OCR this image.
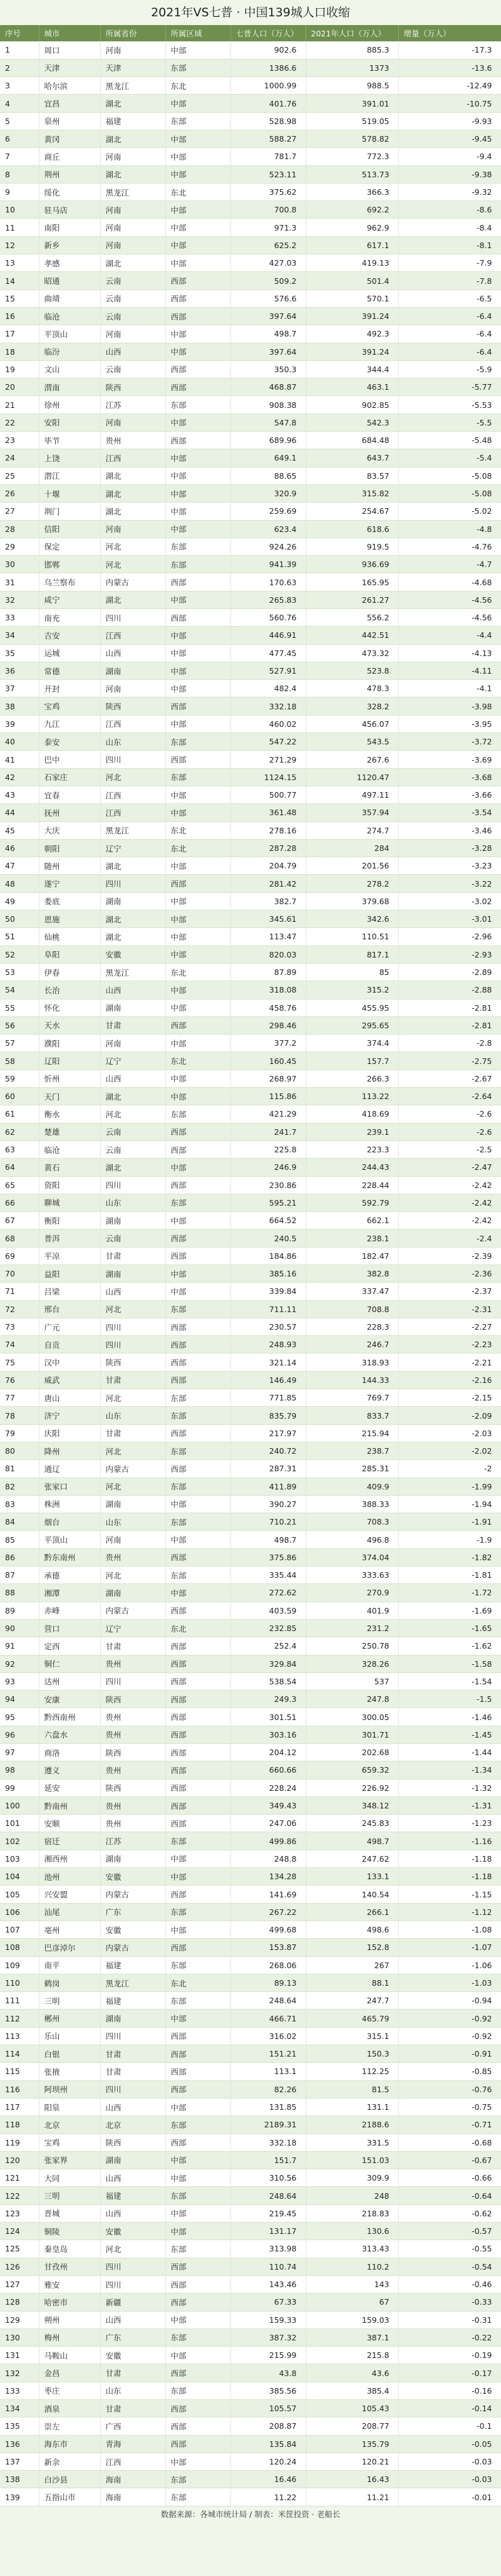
2021年VS七普 · 中国139城人口收缩
序号	城市	所属省份	所属区域	七普人口（万人）	2021年人口（万人）	增量（万人）
1	周口	河南	中部	902.6	885.3	-17.3
2	天津	天津	东部	1386.6	1373	-13.6
3	哈尔滨	黑龙江	东北	1000.99	988.5	-12.49
4	宜昌	湖北	中部	401.76	391.01	-10.75
5	泉州	福建	东部	528.98	519.05	-9.93
6	黄冈	湖北	中部	588.27	578.82	-9.45
7	商丘	河南	中部	781.7	772.3	-9.4
8	荆州	湖北	中部	523.11	513.73	-9.38
9	绥化	黑龙江	东北	375.62	366.3	-9.32
10	驻马店	河南	中部	700.8	692.2	-8.6
11	南阳	河南	中部	971.3	962.9	-8.4
12	新乡	河南	中部	625.2	617.1	-8.1
13	孝感	湖北	中部	427.03	419.13	-7.9
14	昭通	云南	西部	509.2	501.4	-7.8
15	曲靖	云南	西部	576.6	570.1	-6.5
16	临沧	云南	西部	397.64	391.24	-6.4
17	平顶山	河南	中部	498.7	492.3	-6.4
18	临汾	山西	中部	397.64	391.24	-6.4
19	文山	云南	西部	350.3	344.4	-5.9
20	渭南	陕西	西部	468.87	463.1	-5.77
21	徐州	江苏	东部	908.38	902.85	-5.53
22	安阳	河南	中部	547.8	542.3	-5.5
23	毕节	贵州	西部	689.96	684.48	-5.48
24	上饶	江西	中部	649.1	643.7	-5.4
25	潜江	湖北	中部	88.65	83.57	-5.08
26	十堰	湖北	中部	320.9	315.82	-5.08
27	荆门	湖北	中部	259.69	254.67	-5.02
28	信阳	河南	中部	623.4	618.6	-4.8
29	保定	河北	东部	924.26	919.5	-4.76
30	邯郸	河北	东部	941.39	936.69	-4.7
31	乌兰察布	内蒙古	西部	170.63	165.95	-4.68
32	咸宁	湖北	中部	265.83	261.27	-4.56
33	南充	四川	西部	560.76	556.2	-4.56
34	吉安	江西	中部	446.91	442.51	-4.4
35	运城	山西	中部	477.45	473.32	-4.13
36	常德	湖南	中部	527.91	523.8	-4.11
37	开封	河南	中部	482.4	478.3	-4.1
38	宝鸡	陕西	西部	332.18	328.2	-3.98
39	九江	江西	中部	460.02	456.07	-3.95
40	泰安	山东	东部	547.22	543.5	-3.72
41	巴中	四川	西部	271.29	267.6	-3.69
42	石家庄	河北	东部	1124.15	1120.47	-3.68
43	宜春	江西	中部	500.77	497.11	-3.66
44	抚州	江西	中部	361.48	357.94	-3.54
45	大庆	黑龙江	东北	278.16	274.7	-3.46
46	朝阳	辽宁	东北	287.28	284	-3.28
47	随州	湖北	中部	204.79	201.56	-3.23
48	遂宁	四川	西部	281.42	278.2	-3.22
49	娄底	湖南	中部	382.7	379.68	-3.02
50	恩施	湖北	中部	345.61	342.6	-3.01
51	仙桃	湖北	中部	113.47	110.51	-2.96
52	阜阳	安徽	中部	820.03	817.1	-2.93
53	伊春	黑龙江	东北	87.89	85	-2.89
54	长治	山西	中部	318.08	315.2	-2.88
55	怀化	湖南	中部	458.76	455.95	-2.81
56	天水	甘肃	西部	298.46	295.65	-2.81
57	濮阳	河南	中部	377.2	374.4	-2.8
58	辽阳	辽宁	东北	160.45	157.7	-2.75
59	忻州	山西	中部	268.97	266.3	-2.67
60	天门	湖北	中部	115.86	113.22	-2.64
61	衡水	河北	东部	421.29	418.69	-2.6
62	楚雄	云南	西部	241.7	239.1	-2.6
63	临沧	云南	西部	225.8	223.3	-2.5
64	黄石	湖北	中部	246.9	244.43	-2.47
65	资阳	四川	西部	230.86	228.44	-2.42
66	聊城	山东	东部	595.21	592.79	-2.42
67	衡阳	湖南	中部	664.52	662.1	-2.42
68	普洱	云南	西部	240.5	238.1	-2.4
69	平凉	甘肃	西部	184.86	182.47	-2.39
70	益阳	湖南	中部	385.16	382.8	-2.36
71	吕梁	山西	中部	339.84	337.47	-2.37
72	邢台	河北	东部	711.11	708.8	-2.31
73	广元	四川	西部	230.57	228.3	-2.27
74	自贡	四川	西部	248.93	246.7	-2.23
75	汉中	陕西	西部	321.14	318.93	-2.21
76	威武	甘肃	西部	146.49	144.33	-2.16
77	唐山	河北	东部	771.85	769.7	-2.15
78	济宁	山东	东部	835.79	833.7	-2.09
79	庆阳	甘肃	西部	217.97	215.94	-2.03
80	降州	河北	东部	240.72	238.7	-2.02
81	通辽	内蒙古	西部	287.31	285.31	-2
82	张家口	河北	东部	411.89	409.9	-1.99
83	株洲	湖南	中部	390.27	388.33	-1.94
84	烟台	山东	东部	710.21	708.3	-1.91
85	平顶山	河南	中部	498.7	496.8	-1.9
86	黔东南州	贵州	西部	375.86	374.04	-1.82
87	承德	河北	东部	335.44	333.63	-1.81
88	湘潭	湖南	中部	272.62	270.9	-1.72
89	赤峰	内蒙古	西部	403.59	401.9	-1.69
90	营口	辽宁	东北	232.85	231.2	-1.65
91	定西	甘肃	西部	252.4	250.78	-1.62
92	铜仁	贵州	西部	329.84	328.26	-1.58
93	达州	四川	西部	538.54	537	-1.54
94	安康	陕西	西部	249.3	247.8	-1.5
95	黔西南州	贵州	西部	301.51	300.05	-1.46
96	六盘水	贵州	西部	303.16	301.71	-1.45
97	商洛	陕西	西部	204.12	202.68	-1.44
98	遵义	贵州	西部	660.66	659.32	-1.34
99	延安	陕西	西部	228.24	226.92	-1.32
100	黔南州	贵州	西部	349.43	348.12	-1.31
101	安顺	贵州	西部	247.06	245.83	-1.23
102	宿迁	江苏	东部	499.86	498.7	-1.16
103	湘西州	湖南	中部	248.8	247.62	-1.18
104	池州	安徽	中部	134.28	133.1	-1.18
105	兴安盟	内蒙古	西部	141.69	140.54	-1.15
106	汕尾	广东	东部	267.22	266.1	-1.12
107	亳州	安徽	中部	499.68	498.6	-1.08
108	巴彦淖尔	内蒙古	西部	153.87	152.8	-1.07
109	南平	福建	东部	268.06	267	-1.06
110	鹤岗	黑龙江	东北	89.13	88.1	-1.03
111	三明	福建	东部	248.64	247.7	-0.94
112	郴州	湖南	中部	466.71	465.79	-0.92
113	乐山	四川	西部	316.02	315.1	-0.92
114	白银	甘肃	西部	151.21	150.3	-0.91
115	张掖	甘肃	西部	113.1	112.25	-0.85
116	阿坝州	四川	西部	82.26	81.5	-0.76
117	阳泉	山西	中部	131.85	131.1	-0.75
118	北京	北京	东部	2189.31	2188.6	-0.71
119	宝鸡	陕西	西部	332.18	331.5	-0.68
120	张家界	湖南	中部	151.7	151.03	-0.67
121	大同	山西	中部	310.56	309.9	-0.66
122	三明	福建	东部	248.64	248	-0.64
123	晋城	山西	中部	219.45	218.83	-0.62
124	铜陵	安徽	中部	131.17	130.6	-0.57
125	秦皇岛	河北	东部	313.98	313.43	-0.55
126	甘孜州	四川	西部	110.74	110.2	-0.54
127	雅安	四川	西部	143.46	143	-0.46
128	哈密市	新疆	西部	67.33	67	-0.33
129	朔州	山西	中部	159.33	159.03	-0.31
130	梅州	广东	东部	387.32	387.1	-0.22
131	马鞍山	安徽	中部	215.99	215.8	-0.19
132	金昌	甘肃	西部	43.8	43.6	-0.17
133	枣庄	山东	东部	385.56	385.4	-0.16
134	酒泉	甘肃	西部	105.57	105.43	-0.14
135	崇左	广西	西部	208.87	208.77	-0.1
136	海东市	青海	西部	135.84	135.79	-0.05
137	新余	江西	中部	120.24	120.21	-0.03
138	白沙县	海南	东部	16.46	16.43	-0.03
139	五指山市	海南	东部	11.22	11.21	-0.01
数据来源：各城市统计局 / 制表：米筐投资 · 老船长
